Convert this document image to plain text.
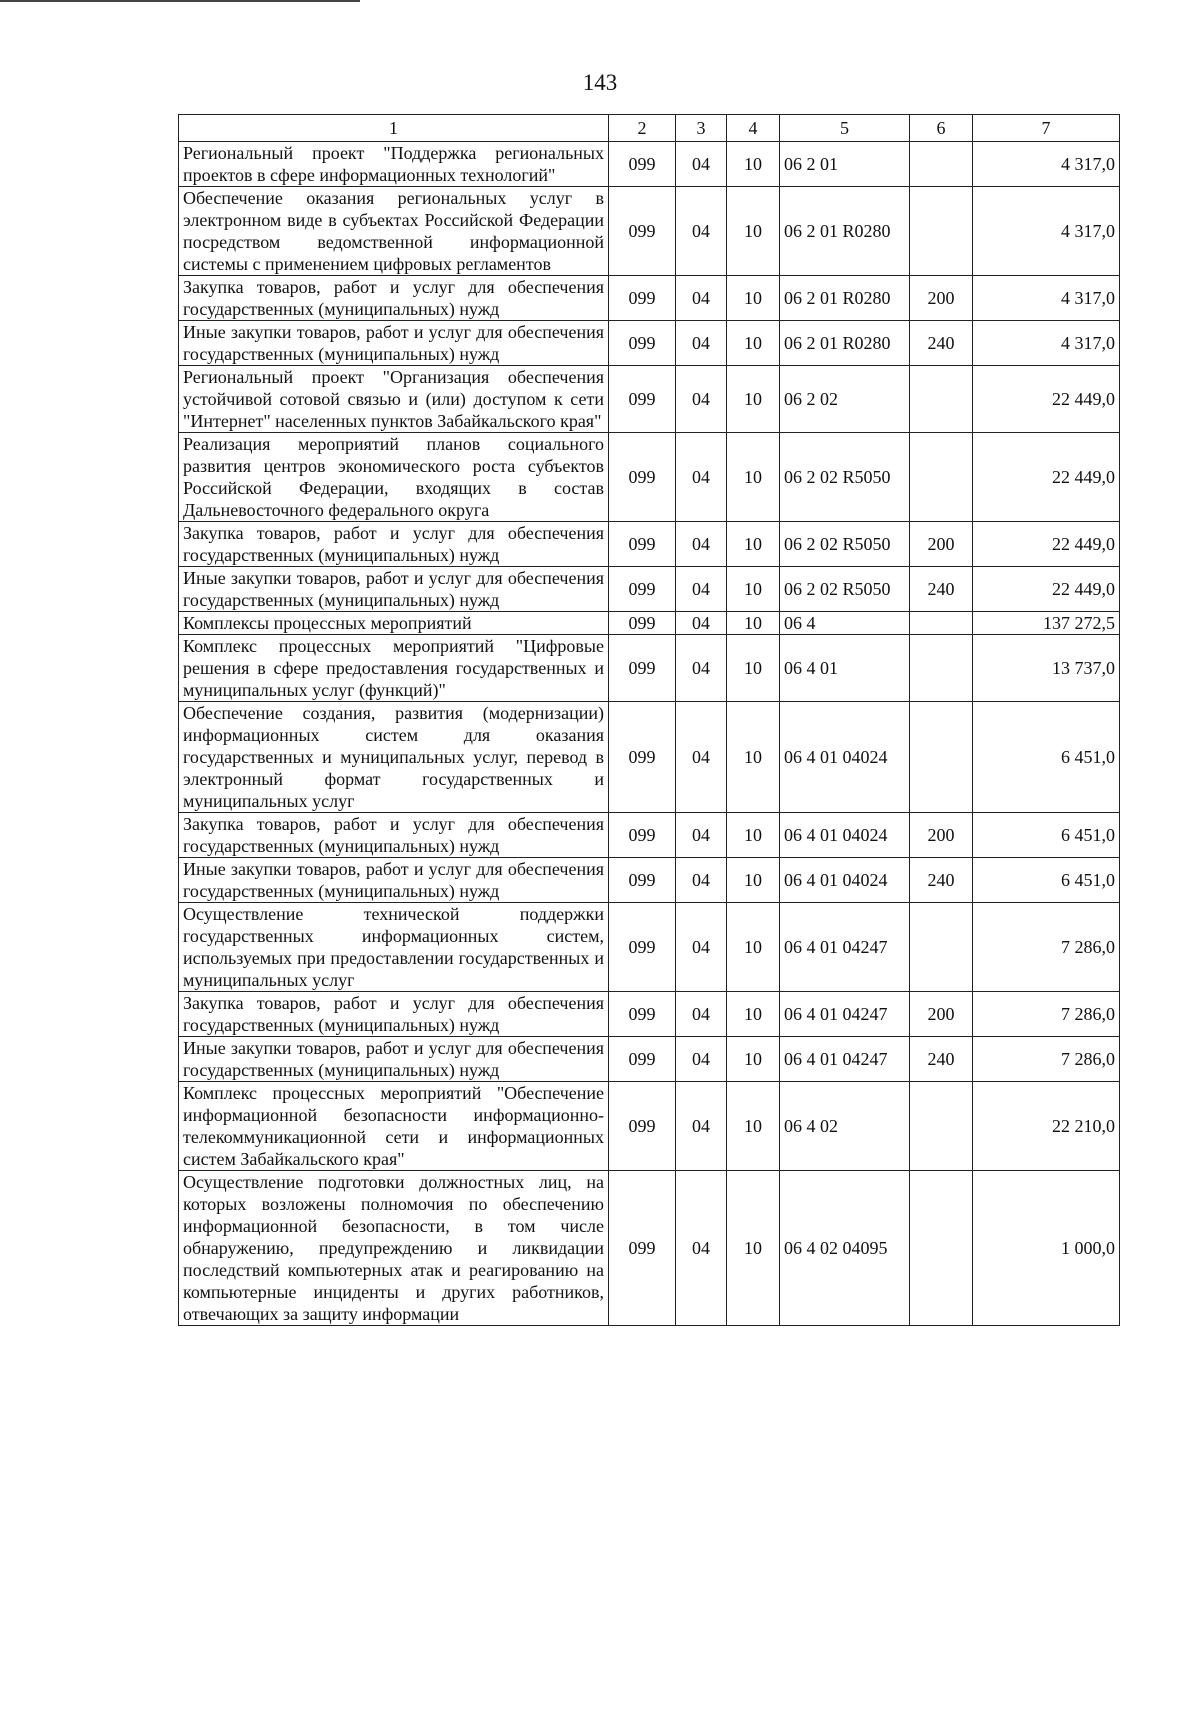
143
1	2	3	4	5	6	7
Региональный проект "Поддержка региональных проектов в сфере информационных технологий"	099	04	10	06 2 01		4 317,0
Обеспечение оказания региональных услуг в электронном виде в субъектах Российской Федерации посредством ведомственной информационной системы с применением цифровых регламентов	099	04	10	06 2 01 R0280		4 317,0
Закупка товаров, работ и услуг для обеспечения государственных (муниципальных) нужд	099	04	10	06 2 01 R0280	200	4 317,0
Иные закупки товаров, работ и услуг для обеспечения государственных (муниципальных) нужд	099	04	10	06 2 01 R0280	240	4 317,0
Региональный проект "Организация обеспечения устойчивой сотовой связью и (или) доступом к сети "Интернет" населенных пунктов Забайкальского края"	099	04	10	06 2 02		22 449,0
Реализация мероприятий планов социального развития центров экономического роста субъектов Российской Федерации, входящих в состав Дальневосточного федерального округа	099	04	10	06 2 02 R5050		22 449,0
Закупка товаров, работ и услуг для обеспечения государственных (муниципальных) нужд	099	04	10	06 2 02 R5050	200	22 449,0
Иные закупки товаров, работ и услуг для обеспечения государственных (муниципальных) нужд	099	04	10	06 2 02 R5050	240	22 449,0
Комплексы процессных мероприятий	099	04	10	06 4		137 272,5
Комплекс процессных мероприятий "Цифровые решения в сфере предоставления государственных и муниципальных услуг (функций)"	099	04	10	06 4 01		13 737,0
Обеспечение создания, развития (модернизации) информационных систем для оказания государственных и муниципальных услуг, перевод в электронный формат государственных и муниципальных услуг	099	04	10	06 4 01 04024		6 451,0
Закупка товаров, работ и услуг для обеспечения государственных (муниципальных) нужд	099	04	10	06 4 01 04024	200	6 451,0
Иные закупки товаров, работ и услуг для обеспечения государственных (муниципальных) нужд	099	04	10	06 4 01 04024	240	6 451,0
Осуществление технической поддержки государственных информационных систем, используемых при предоставлении государственных и муниципальных услуг	099	04	10	06 4 01 04247		7 286,0
Закупка товаров, работ и услуг для обеспечения государственных (муниципальных) нужд	099	04	10	06 4 01 04247	200	7 286,0
Иные закупки товаров, работ и услуг для обеспечения государственных (муниципальных) нужд	099	04	10	06 4 01 04247	240	7 286,0
Комплекс процессных мероприятий "Обеспечение информационной безопасности информационно-телекоммуникационной сети и информационных систем Забайкальского края"	099	04	10	06 4 02		22 210,0
Осуществление подготовки должностных лиц, на которых возложены полномочия по обеспечению информационной безопасности, в том числе обнаружению, предупреждению и ликвидации последствий компьютерных атак и реагированию на компьютерные инциденты и других работников, отвечающих за защиту информации	099	04	10	06 4 02 04095		1 000,0
